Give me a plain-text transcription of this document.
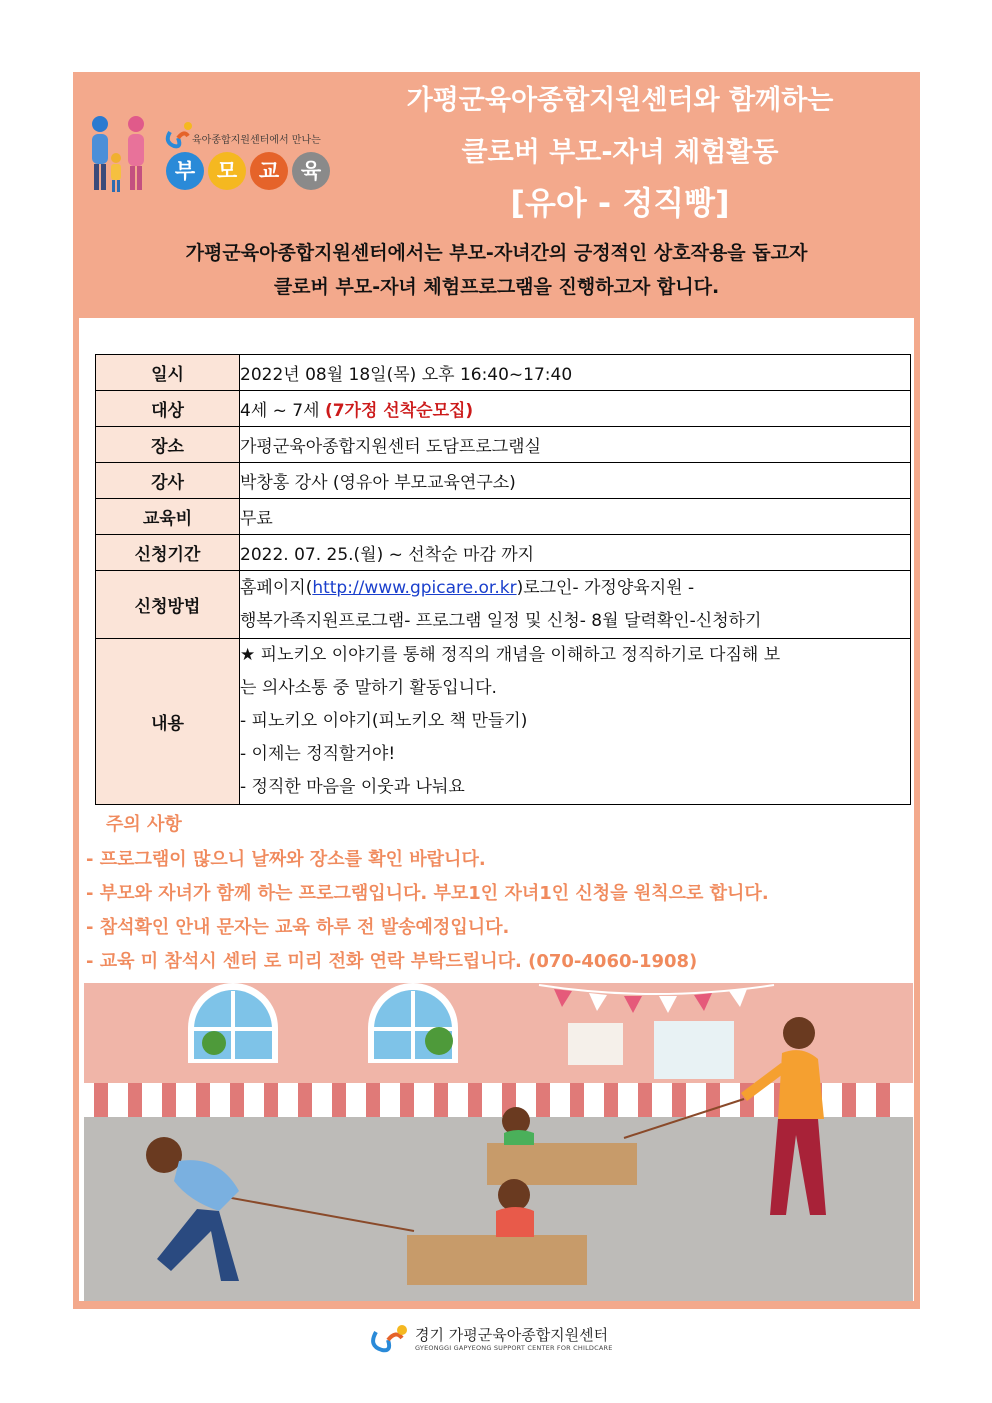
육아종합지원센터에서 만나는
부	모	교	육
가평군육아종합지원센터와 함께하는
클로버 부모-자녀 체험활동
[유아 - 정직빵]
가평군육아종합지원센터에서는 부모-자녀간의 긍정적인 상호작용을 돕고자
클로버 부모-자녀 체험프로그램을 진행하고자 합니다.
일시	2022년 08월 18일(목) 오후 16:40~17:40
대상	4세 ~ 7세 (7가정 선착순모집)
장소	가평군육아종합지원센터 도담프로그램실
강사	박창홍 강사 (영유아 부모교육연구소)
교육비	무료
신청기간	2022. 07. 25.(월) ~ 선착순 마감 까지
신청방법	홈페이지(http://www.gpicare.or.kr)로그인- 가정양육지원 -
행복가족지원프로그램- 프로그램 일정 및 신청- 8월 달력확인-신청하기

내용	★ 피노키오 이야기를 통해 정직의 개념을 이해하고 정직하기로 다짐해 보
는 의사소통 중 말하기 활동입니다.
- 피노키오 이야기(피노키오 책 만들기)
- 이제는 정직할거야!
- 정직한 마음을 이웃과 나눠요
주의 사항
- 프로그램이 많으니 날짜와 장소를 확인 바랍니다.
- 부모와 자녀가 함께 하는 프로그램입니다. 부모1인 자녀1인 신청을 원칙으로 합니다.
- 참석확인 안내 문자는 교육 하루 전 발송예정입니다.
- 교육 미 참석시 센터 로 미리 전화 연락 부탁드립니다. (070-4060-1908)
경기 가평군육아종합지원센터
GYEONGGI GAPYEONG SUPPORT CENTER FOR CHILDCARE
